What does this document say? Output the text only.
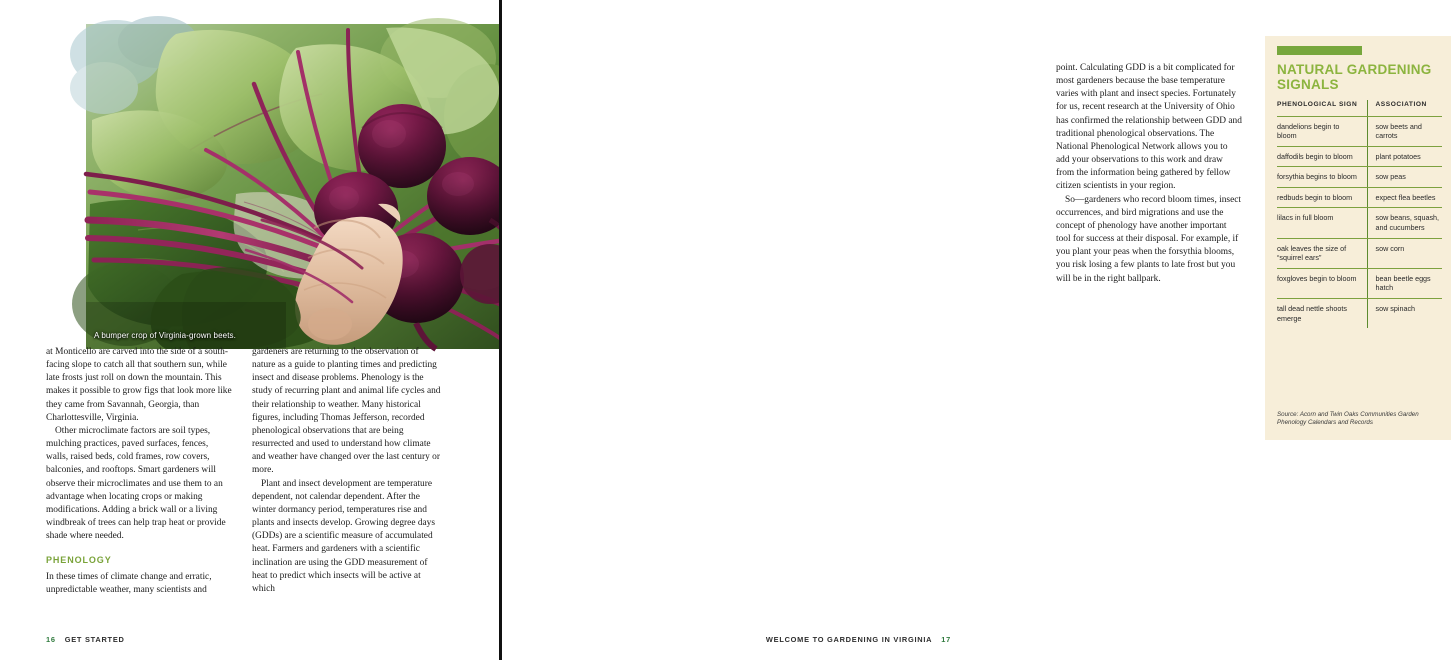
A bumper crop of Virginia-grown beets.

at Monticello are carved into the side of a south-facing slope to catch all that southern sun, while late frosts just roll on down the mountain. This makes it possible to grow figs that look more like they came from Savannah, Georgia, than Charlottesville, Virginia.

Other microclimate factors are soil types, mulching practices, paved surfaces, fences, walls, raised beds, cold frames, row covers, balconies, and rooftops. Smart gardeners will observe their microclimates and use them to an advantage when locating crops or making modifications. Adding a brick wall or a living windbreak of trees can help trap heat or provide shade where needed.

PHENOLOGY

In these times of climate change and erratic, unpredictable weather, many scientists and

gardeners are returning to the observation of nature as a guide to planting times and predicting insect and disease problems. Phenology is the study of recurring plant and animal life cycles and their relationship to weather. Many historical figures, including Thomas Jefferson, recorded phenological observations that are being resurrected and used to understand how climate and weather have changed over the last century or more.

Plant and insect development are temperature dependent, not calendar dependent. After the winter dormancy period, temperatures rise and plants and insects develop. Growing degree days (GDDs) are a scientific measure of accumulated heat. Farmers and gardeners with a scientific inclination are using the GDD measurement of heat to predict which insects will be active at which

16 GET STARTED

point. Calculating GDD is a bit complicated for most gardeners because the base temperature varies with plant and insect species. Fortunately for us, recent research at the University of Ohio has confirmed the relationship between GDD and traditional phenological observations. The National Phenological Network allows you to add your observations to this work and draw from the information being gathered by fellow citizen scientists in your region.

So—gardeners who record bloom times, insect occurrences, and bird migrations and use the concept of phenology have another important tool for success at their disposal. For example, if you plant your peas when the forsythia blooms, you risk losing a few plants to late frost but you will be in the right ballpark.

NATURAL GARDENING SIGNALS
PHENOLOGICAL SIGN	ASSOCIATION
dandelions begin to bloom	sow beets and carrots
daffodils begin to bloom	plant potatoes
forsythia begins to bloom	sow peas
redbuds begin to bloom	expect flea beetles
lilacs in full bloom	sow beans, squash, and cucumbers
oak leaves the size of “squirrel ears”	sow corn
foxgloves begin to bloom	bean beetle eggs hatch
tall dead nettle shoots emerge	sow spinach
Source: Acorn and Twin Oaks Communities Garden Phenology Calendars and Records
WELCOME TO GARDENING IN VIRGINIA 17
